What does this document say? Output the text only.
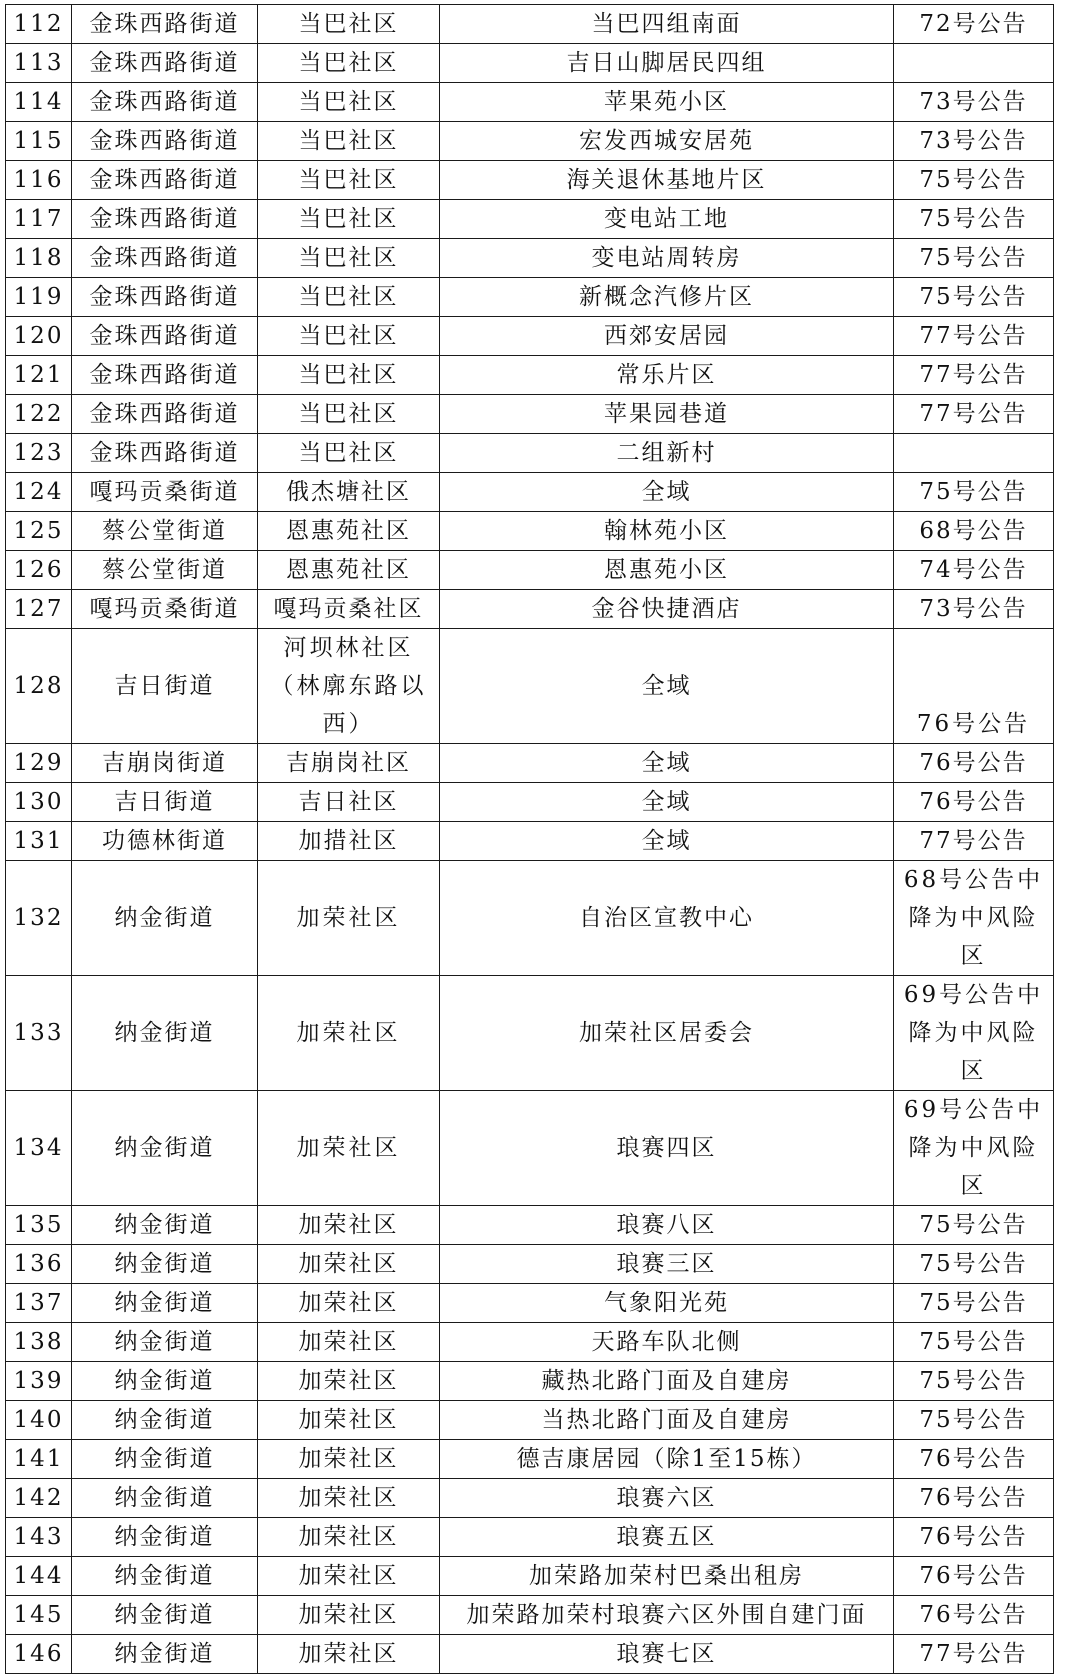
112	金珠西路街道	当巴社区	当巴四组南面	72号公告
113	金珠西路街道	当巴社区	吉日山脚居民四组	
114	金珠西路街道	当巴社区	苹果苑小区	73号公告
115	金珠西路街道	当巴社区	宏发西城安居苑	73号公告
116	金珠西路街道	当巴社区	海关退休基地片区	75号公告
117	金珠西路街道	当巴社区	变电站工地	75号公告
118	金珠西路街道	当巴社区	变电站周转房	75号公告
119	金珠西路街道	当巴社区	新概念汽修片区	75号公告
120	金珠西路街道	当巴社区	西郊安居园	77号公告
121	金珠西路街道	当巴社区	常乐片区	77号公告
122	金珠西路街道	当巴社区	苹果园巷道	77号公告
123	金珠西路街道	当巴社区	二组新村	
124	嘎玛贡桑街道	俄杰塘社区	全域	75号公告
125	蔡公堂街道	恩惠苑社区	翰林苑小区	68号公告
126	蔡公堂街道	恩惠苑社区	恩惠苑小区	74号公告
127	嘎玛贡桑街道	嘎玛贡桑社区	金谷快捷酒店	73号公告
128	吉日街道	河坝林社区（林廓东路以西）	全域	76号公告
129	吉崩岗街道	吉崩岗社区	全域	76号公告
130	吉日街道	吉日社区	全域	76号公告
131	功德林街道	加措社区	全域	77号公告
132	纳金街道	加荣社区	自治区宣教中心	68号公告中降为中风险区
133	纳金街道	加荣社区	加荣社区居委会	69号公告中降为中风险区
134	纳金街道	加荣社区	琅赛四区	69号公告中降为中风险区
135	纳金街道	加荣社区	琅赛八区	75号公告
136	纳金街道	加荣社区	琅赛三区	75号公告
137	纳金街道	加荣社区	气象阳光苑	75号公告
138	纳金街道	加荣社区	天路车队北侧	75号公告
139	纳金街道	加荣社区	藏热北路门面及自建房	75号公告
140	纳金街道	加荣社区	当热北路门面及自建房	75号公告
141	纳金街道	加荣社区	德吉康居园（除1至15栋）	76号公告
142	纳金街道	加荣社区	琅赛六区	76号公告
143	纳金街道	加荣社区	琅赛五区	76号公告
144	纳金街道	加荣社区	加荣路加荣村巴桑出租房	76号公告
145	纳金街道	加荣社区	加荣路加荣村琅赛六区外围自建门面	76号公告
146	纳金街道	加荣社区	琅赛七区	77号公告
